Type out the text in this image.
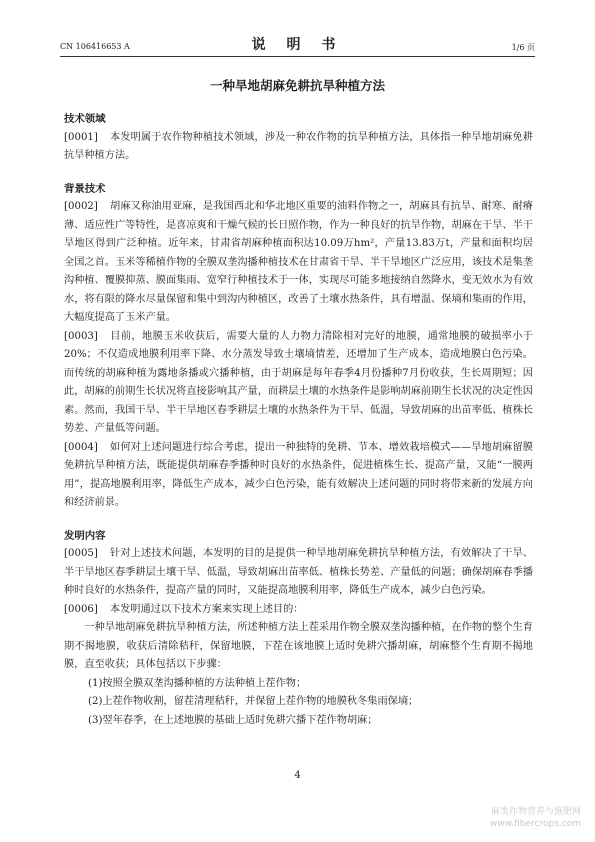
CN 106416653 A	说 明 书	1/6 页
一种旱地胡麻免耕抗旱种植方法

技术领域

[0001] 本发明属于农作物种植技术领域，涉及一种农作物的抗旱种植方法，具体指一种旱地胡麻免耕抗旱种植方法。

背景技术

[0002] 胡麻又称油用亚麻，是我国西北和华北地区重要的油料作物之一，胡麻具有抗旱、耐寒、耐瘠薄、适应性广等特性，是喜凉爽和干燥气候的长日照作物，作为一种良好的抗旱作物，胡麻在干旱、半干旱地区得到广泛种植。近年来，甘肃省胡麻种植面积达10.09万hm²，产量13.83万t，产量和面积均居全国之首。玉米等稀植作物的全膜双垄沟播种植技术在甘肃省干旱、半干旱地区广泛应用，该技术是集垄沟种植、覆膜抑蒸、膜面集雨、宽窄行种植技术于一体，实现尽可能多地接纳自然降水，变无效水为有效水，将有限的降水尽量保留和集中到沟内种植区，改善了土壤水热条件，具有增温、保墒和集雨的作用，大幅度提高了玉米产量。

[0003] 目前，地膜玉米收获后，需要大量的人力物力清除相对完好的地膜，通常地膜的破损率小于20%；不仅造成地膜利用率下降、水分蒸发导致土壤墒情差，还增加了生产成本，造成地膜白色污染。而传统的胡麻种植为露地条播或穴播种植，由于胡麻是每年春季4月份播种7月份收获，生长周期短；因此，胡麻的前期生长状况将直接影响其产量，而耕层土壤的水热条件是影响胡麻前期生长状况的决定性因素。然而，我国干旱、半干旱地区春季耕层土壤的水热条件为干旱、低温，导致胡麻的出苗率低、植株长势差、产量低等问题。

[0004] 如何对上述问题进行综合考虑，提出一种独特的免耕、节本、增效栽培模式——旱地胡麻留膜免耕抗旱种植方法，既能提供胡麻春季播种时良好的水热条件，促进植株生长、提高产量，又能“一膜两用”，提高地膜利用率，降低生产成本，减少白色污染，能有效解决上述问题的同时将带来新的发展方向和经济前景。

发明内容

[0005] 针对上述技术问题，本发明的目的是提供一种旱地胡麻免耕抗旱种植方法，有效解决了干旱、半干旱地区春季耕层土壤干旱、低温，导致胡麻出苗率低、植株长势差、产量低的问题；确保胡麻春季播种时良好的水热条件，提高产量的同时，又能提高地膜利用率，降低生产成本，减少白色污染。

[0006] 本发明通过以下技术方案来实现上述目的：

一种旱地胡麻免耕抗旱种植方法，所述种植方法上茬采用作物全膜双垄沟播种植，在作物的整个生育期不揭地膜，收获后清除秸秆，保留地膜，下茬在该地膜上适时免耕穴播胡麻，胡麻整个生育期不揭地膜，直至收获；具体包括以下步骤：

(1)按照全膜双垄沟播种植的方法种植上茬作物；

(2)上茬作物收割，留茬清理秸秆，并保留上茬作物的地膜秋冬集雨保墒；

(3)翌年春季，在上述地膜的基础上适时免耕穴播下茬作物胡麻；

4
麻类作物营养与施肥网
www.fibercrops.com
